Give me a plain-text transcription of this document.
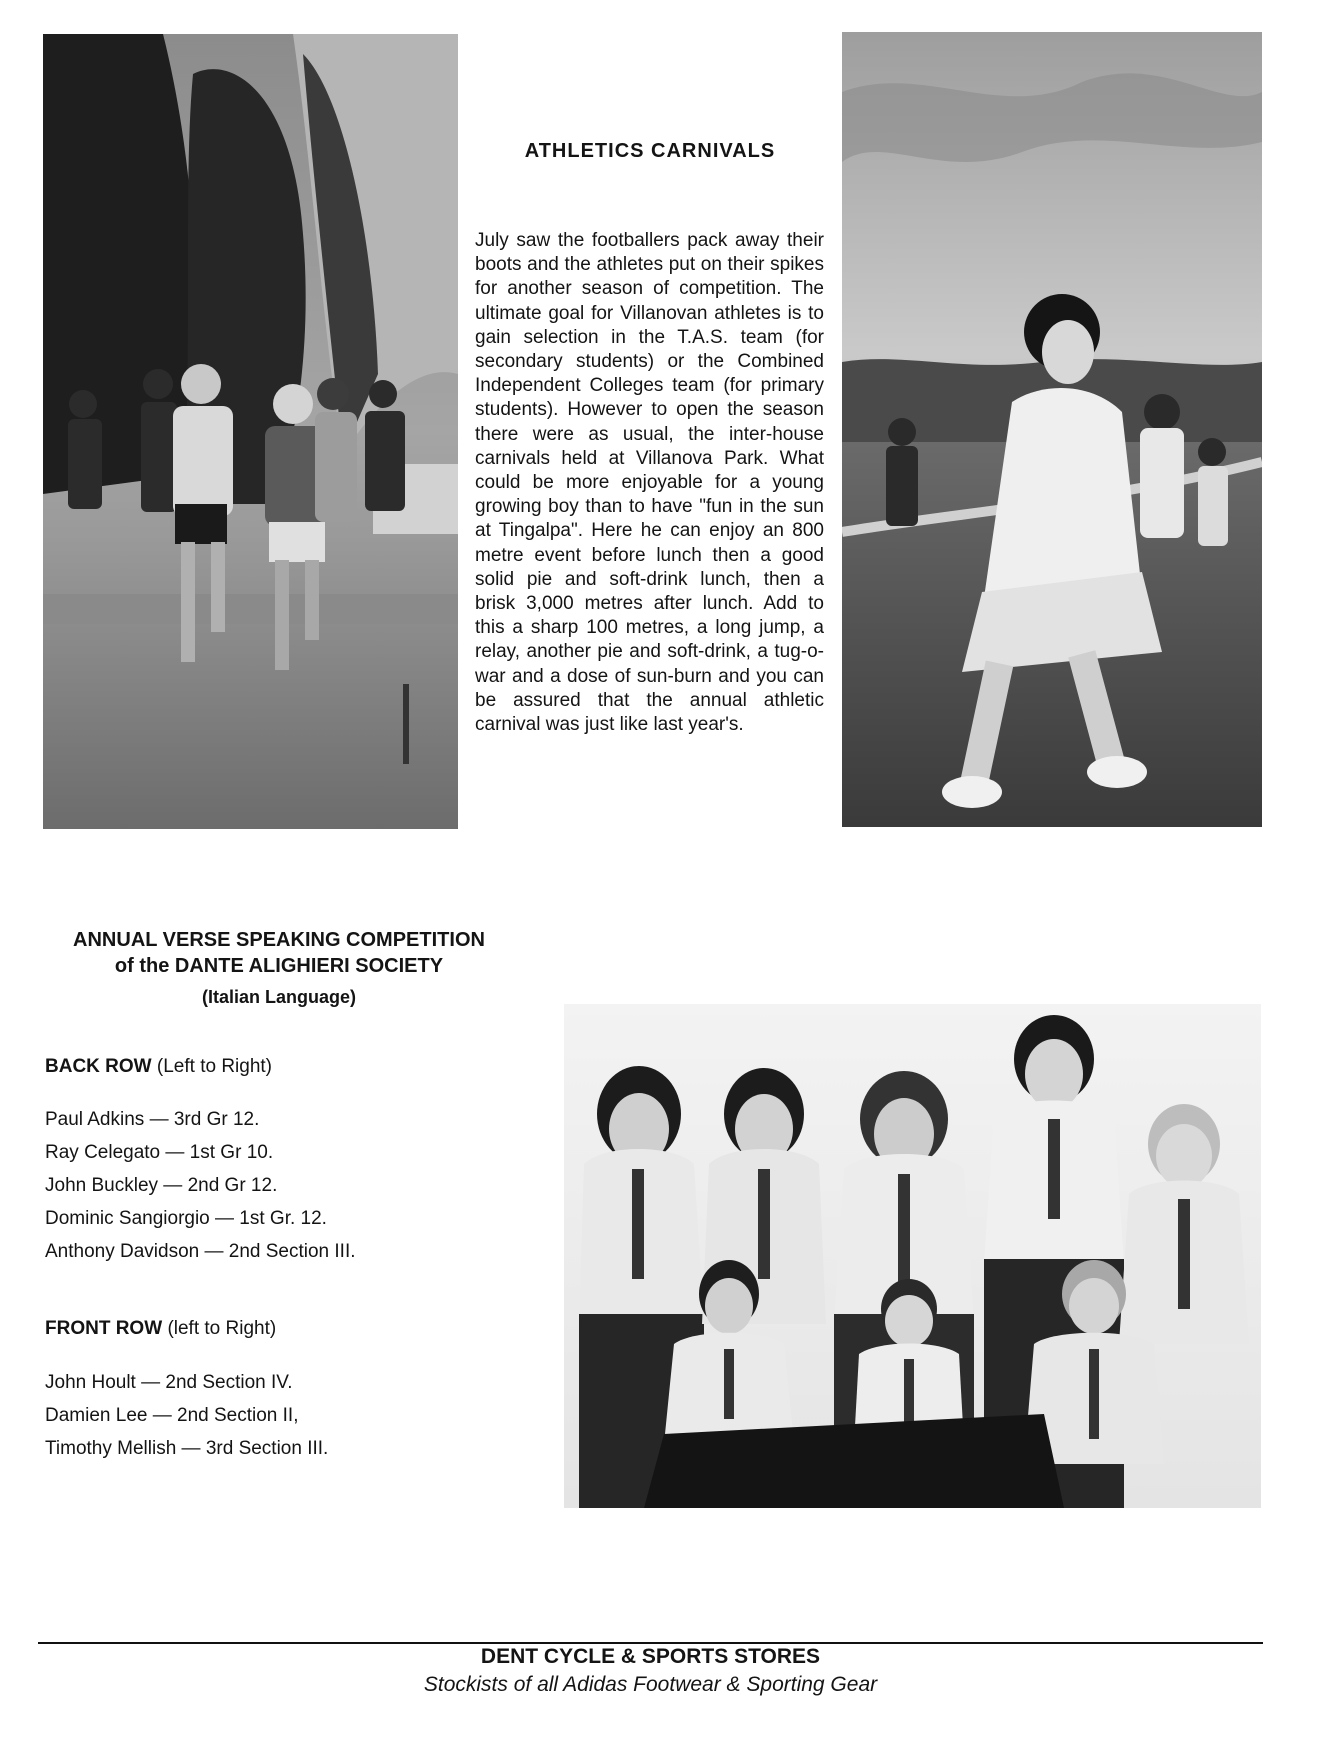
ATHLETICS CARNIVALS

July saw the footballers pack away their boots and the athletes put on their spikes for another season of competition. The ultimate goal for Villanovan athletes is to gain selection in the T.A.S. team (for secondary students) or the Combined Independent Colleges team (for primary students). However to open the season there were as usual, the inter-house carnivals held at Villanova Park. What could be more enjoyable for a young growing boy than to have "fun in the sun at Tingalpa". Here he can enjoy an 800 metre event before lunch then a good solid pie and soft-drink lunch, then a brisk 3,000 metres after lunch. Add to this a sharp 100 metres, a long jump, a relay, another pie and soft-drink, a tug-o-war and a dose of sun-burn and you can be assured that the annual athletic carnival was just like last year's.

ANNUAL VERSE SPEAKING COMPETITION
of the DANTE ALIGHIERI SOCIETY

(Italian Language)

BACK ROW (Left to Right)

Paul Adkins — 3rd Gr 12.
Ray Celegato — 1st Gr 10.
John Buckley — 2nd Gr 12.
Dominic Sangiorgio — 1st Gr. 12.
Anthony Davidson — 2nd Section III.

FRONT ROW (left to Right)

John Hoult — 2nd Section IV.
Damien Lee — 2nd Section II,
Timothy Mellish — 3rd Section III.

DENT CYCLE & SPORTS STORES

Stockists of all Adidas Footwear & Sporting Gear
